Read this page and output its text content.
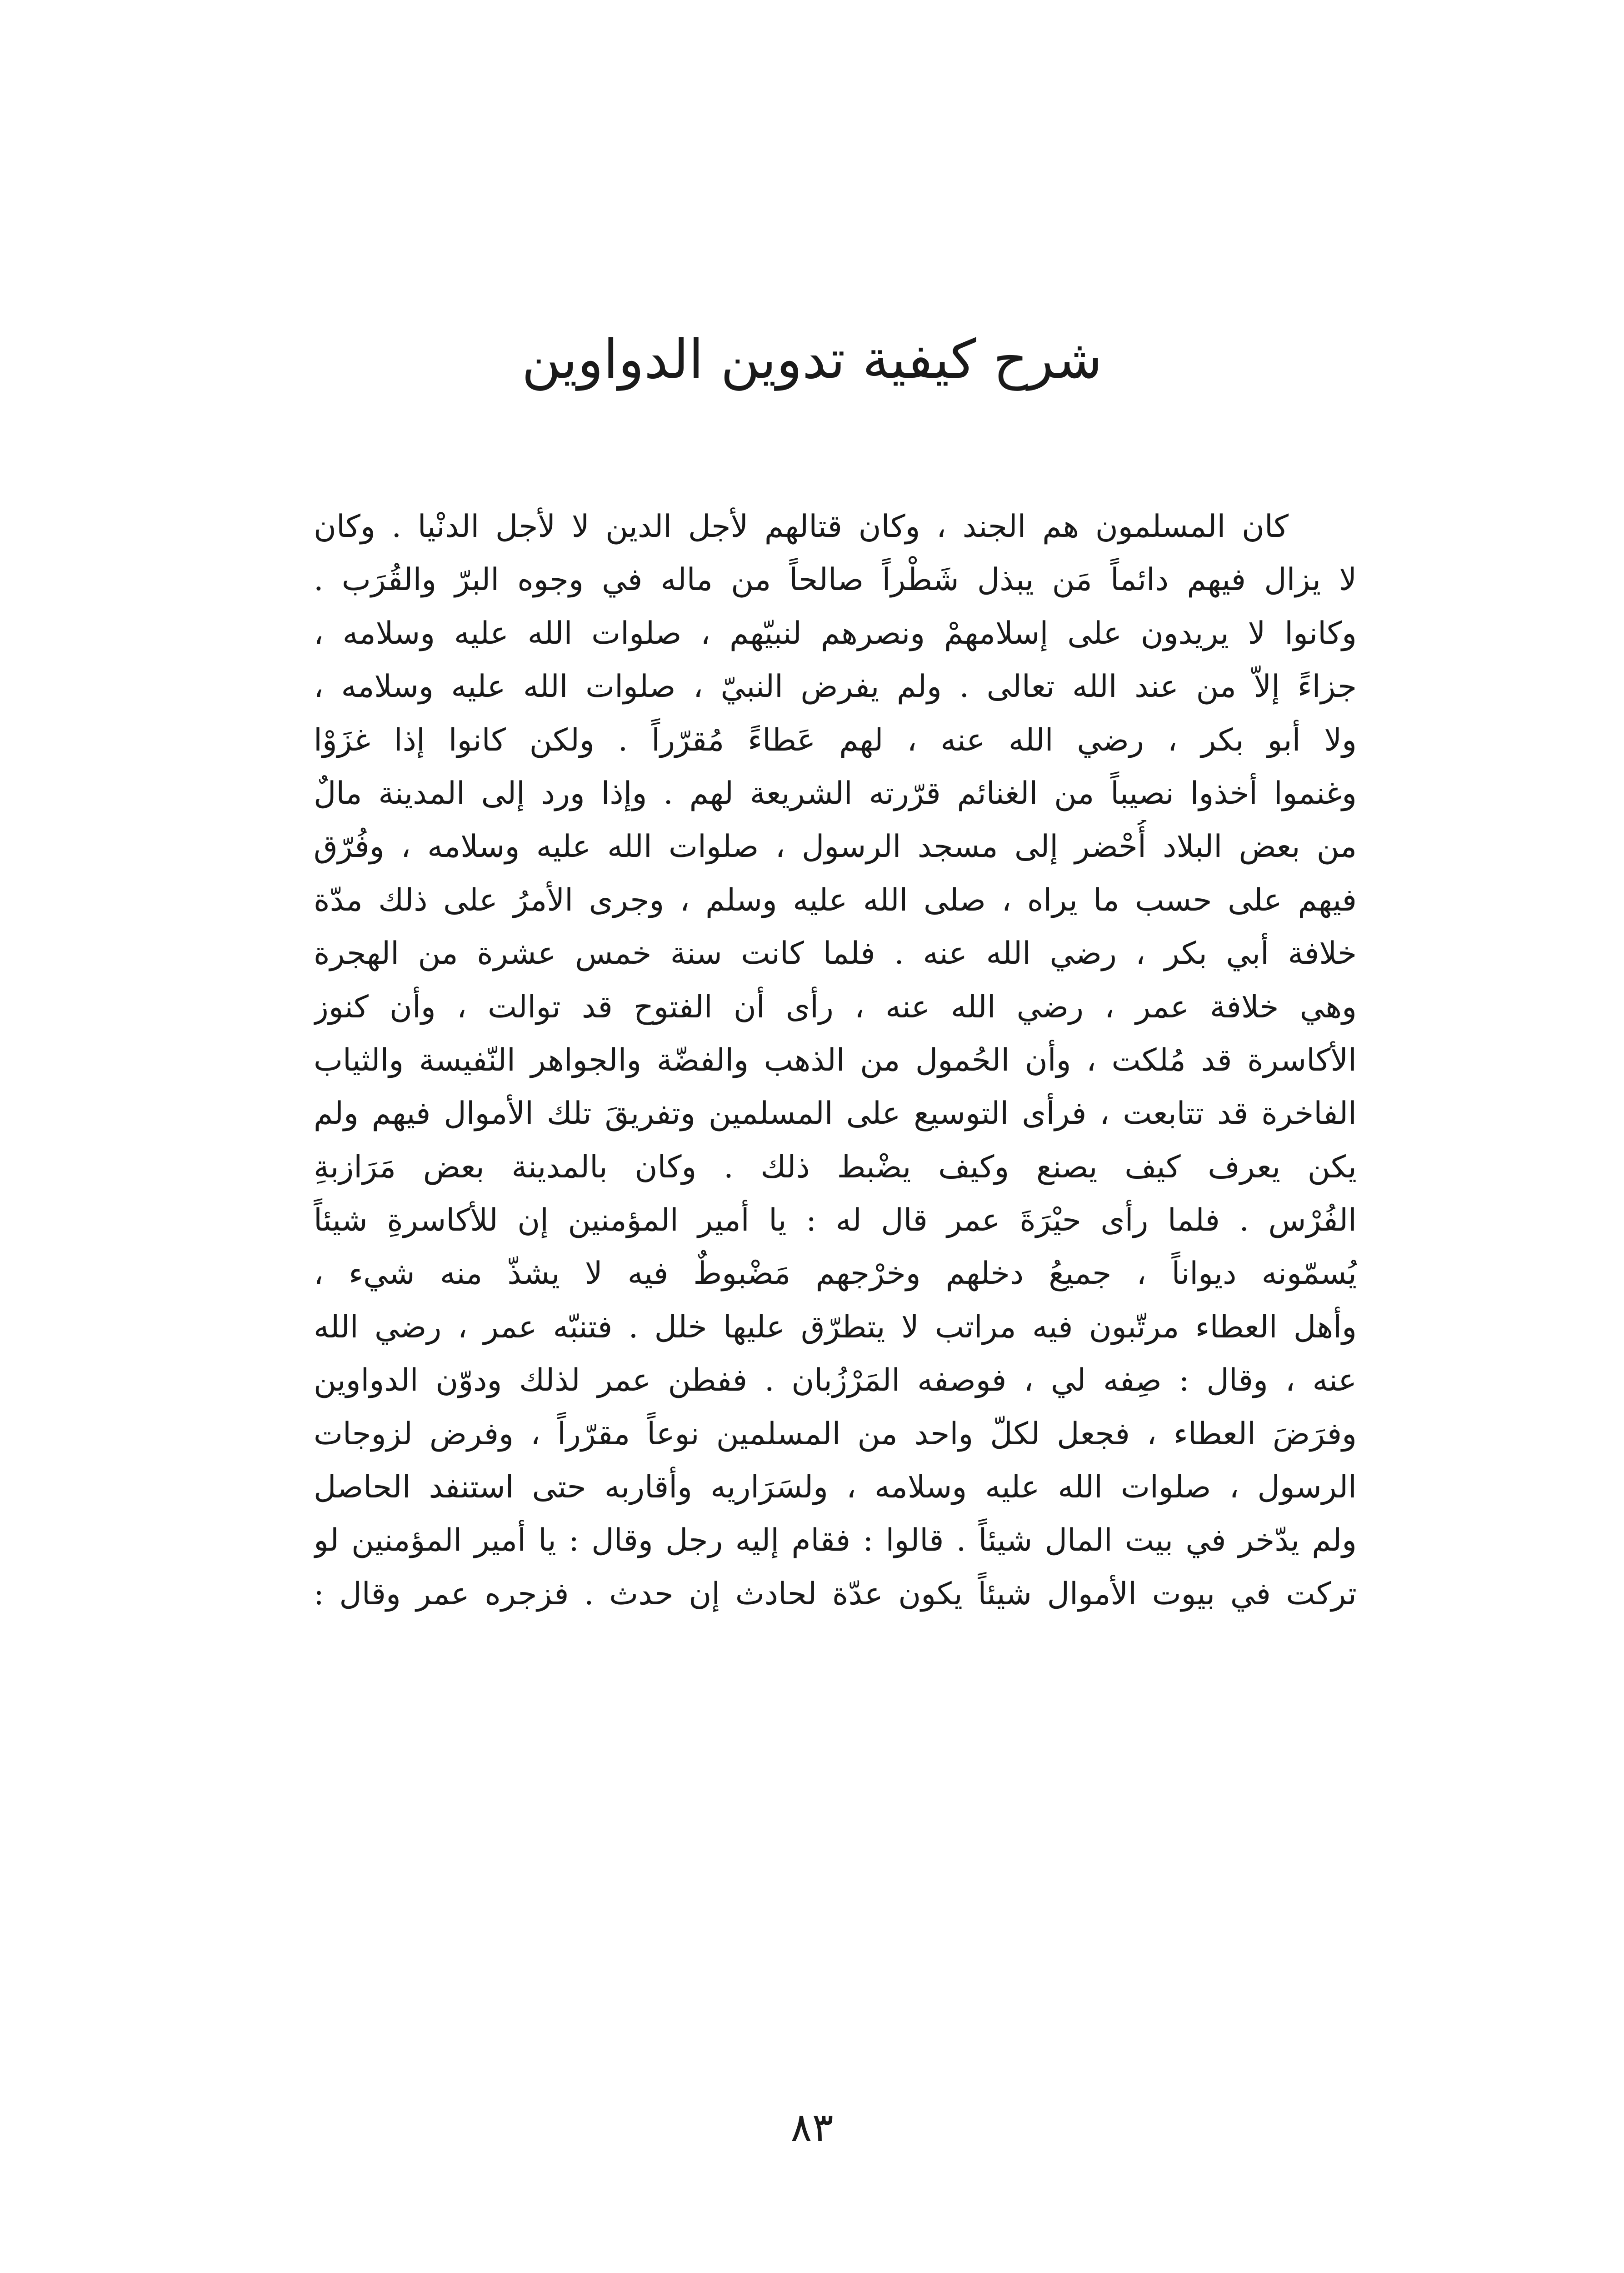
شرح كيفية تدوين الدواوين
كان المسلمون هم الجند ، وكان قتالهم لأجل الدين لا لأجل الدنْيا . وكان
لا يزال فيهم دائماً مَن يبذل شَطْراً صالحاً من ماله في وجوه البرّ والقُرَب .
وكانوا لا يريدون على إسلامهمْ ونصرهم لنبيّهم ، صلوات الله عليه وسلامه ،
جزاءً إلاّ من عند الله تعالى . ولم يفرض النبيّ ، صلوات الله عليه وسلامه ،
ولا أبو بكر ، رضي الله عنه ، لهم عَطاءً مُقرّراً . ولكن كانوا إذا غزَوْا
وغنموا أخذوا نصيباً من الغنائم قرّرته الشريعة لهم . وإذا ورد إلى المدينة مالٌ
من بعض البلاد أُحْضر إلى مسجد الرسول ، صلوات الله عليه وسلامه ، وفُرّق
فيهم على حسب ما يراه ، صلى الله عليه وسلم ، وجرى الأمرُ على ذلك مدّة
خلافة أبي بكر ، رضي الله عنه . فلما كانت سنة خمس عشرة من الهجرة
وهي خلافة عمر ، رضي الله عنه ، رأى أن الفتوح قد توالت ، وأن كنوز
الأكاسرة قد مُلكت ، وأن الحُمول من الذهب والفضّة والجواهر النّفيسة والثياب
الفاخرة قد تتابعت ، فرأى التوسيع على المسلمين وتفريقَ تلك الأموال فيهم ولم
يكن يعرف كيف يصنع وكيف يضْبط ذلك . وكان بالمدينة بعض مَرَازبةِ
الفُرْس . فلما رأى حيْرَةَ عمر قال له : يا أمير المؤمنين إن للأكاسرةِ شيئاً
يُسمّونه ديواناً ، جميعُ دخلهم وخرْجهم مَضْبوطٌ فيه لا يشذّ منه شيء ،
وأهل العطاء مرتّبون فيه مراتب لا يتطرّق عليها خلل . فتنبّه عمر ، رضي الله
عنه ، وقال : صِفه لي ، فوصفه المَرْزُبان . ففطن عمر لذلك ودوّن الدواوين
وفرَضَ العطاء ، فجعل لكلّ واحد من المسلمين نوعاً مقرّراً ، وفرض لزوجات
الرسول ، صلوات الله عليه وسلامه ، ولسَرَاريه وأقاربه حتى استنفد الحاصل
ولم يدّخر في بيت المال شيئاً . قالوا : فقام إليه رجل وقال : يا أمير المؤمنين لو
تركت في بيوت الأموال شيئاً يكون عدّة لحادث إن حدث . فزجره عمر وقال :
٨٣
